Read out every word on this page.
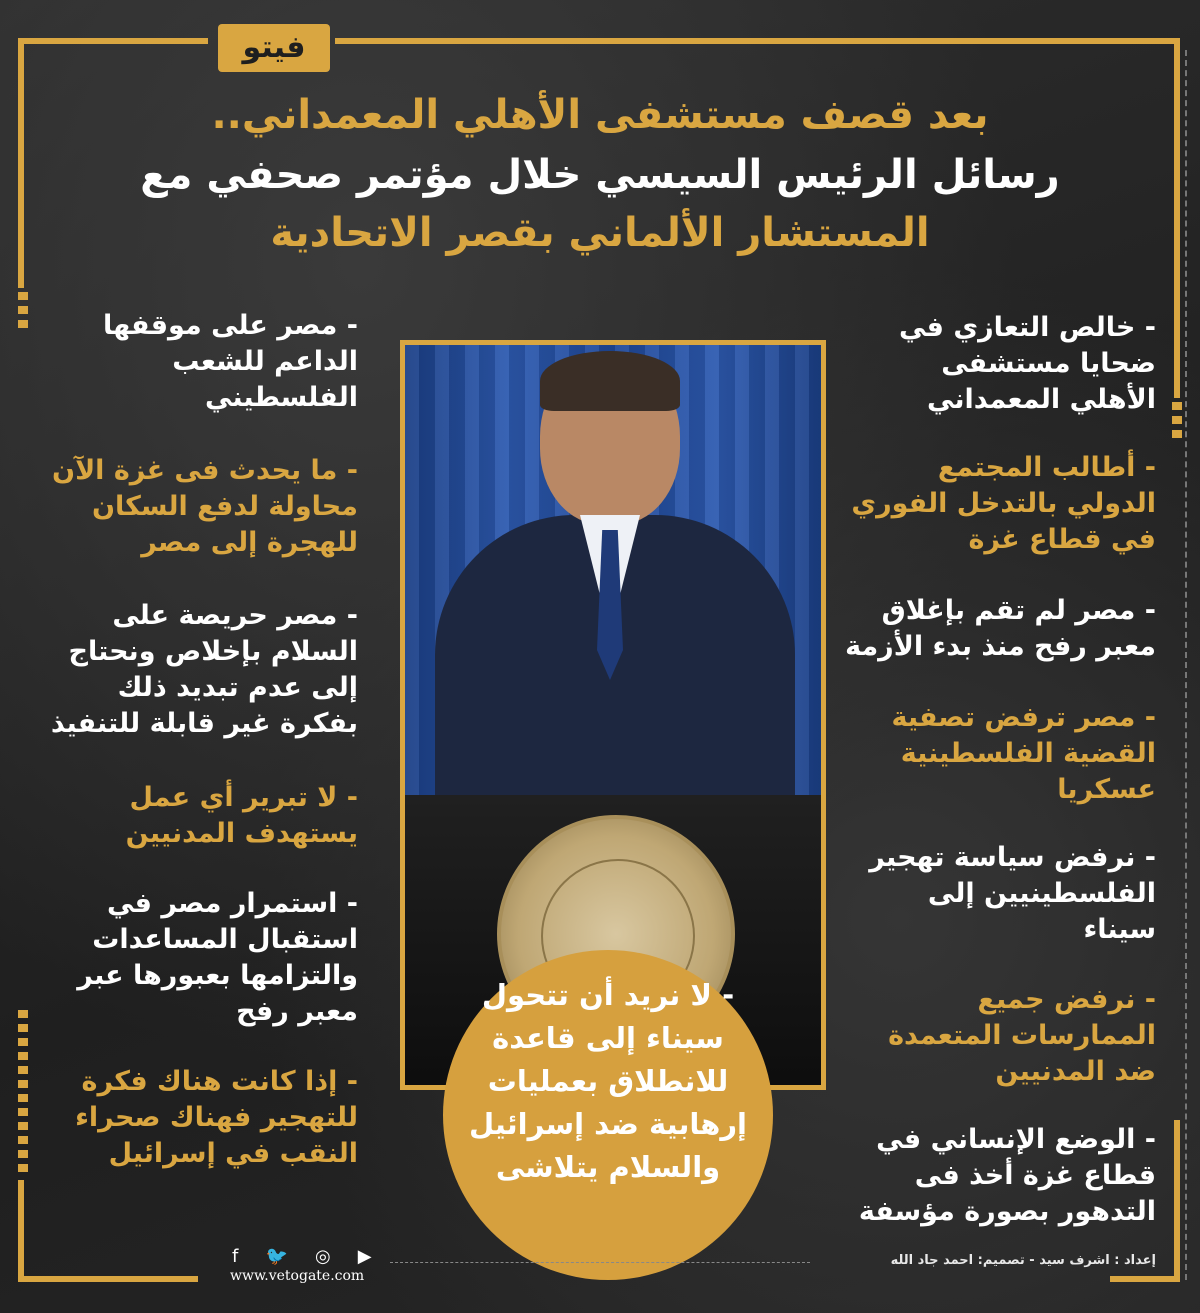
فيتو
بعد قصف مستشفى الأهلي المعمداني..
رسائل الرئيس السيسي خلال مؤتمر صحفي مع
المستشار الألماني بقصر الاتحادية
- خالص التعازي في
ضحايا مستشفى
الأهلي المعمداني
- أطالب المجتمع
الدولي بالتدخل الفوري
في قطاع غزة
- مصر لم تقم بإغلاق
معبر رفح منذ بدء الأزمة
- مصر ترفض تصفية
القضية الفلسطينية
عسكريا
- نرفض سياسة تهجير
الفلسطينيين إلى
سيناء
- نرفض جميع
الممارسات المتعمدة
ضد المدنيين
- الوضع الإنساني في
قطاع غزة أخذ فى
التدهور بصورة مؤسفة
- مصر على موقفها
الداعم للشعب
الفلسطيني
- ما يحدث فى غزة الآن
محاولة لدفع السكان
للهجرة إلى مصر
- مصر حريصة على
السلام بإخلاص ونحتاج
إلى عدم تبديد ذلك
بفكرة غير قابلة للتنفيذ
- لا تبرير أي عمل
يستهدف المدنيين
- استمرار مصر في
استقبال المساعدات
والتزامها بعبورها عبر
معبر رفح
- إذا كانت هناك فكرة
للتهجير فهناك صحراء
النقب في إسرائيل
- لا نريد أن تتحول
سيناء إلى قاعدة
للانطلاق بعمليات
إرهابية ضد إسرائيل
والسلام يتلاشى
f 🐦 ◎ ▶
www.vetogate.com
إعداد : اشرف سيد - تصميم: احمد جاد الله
